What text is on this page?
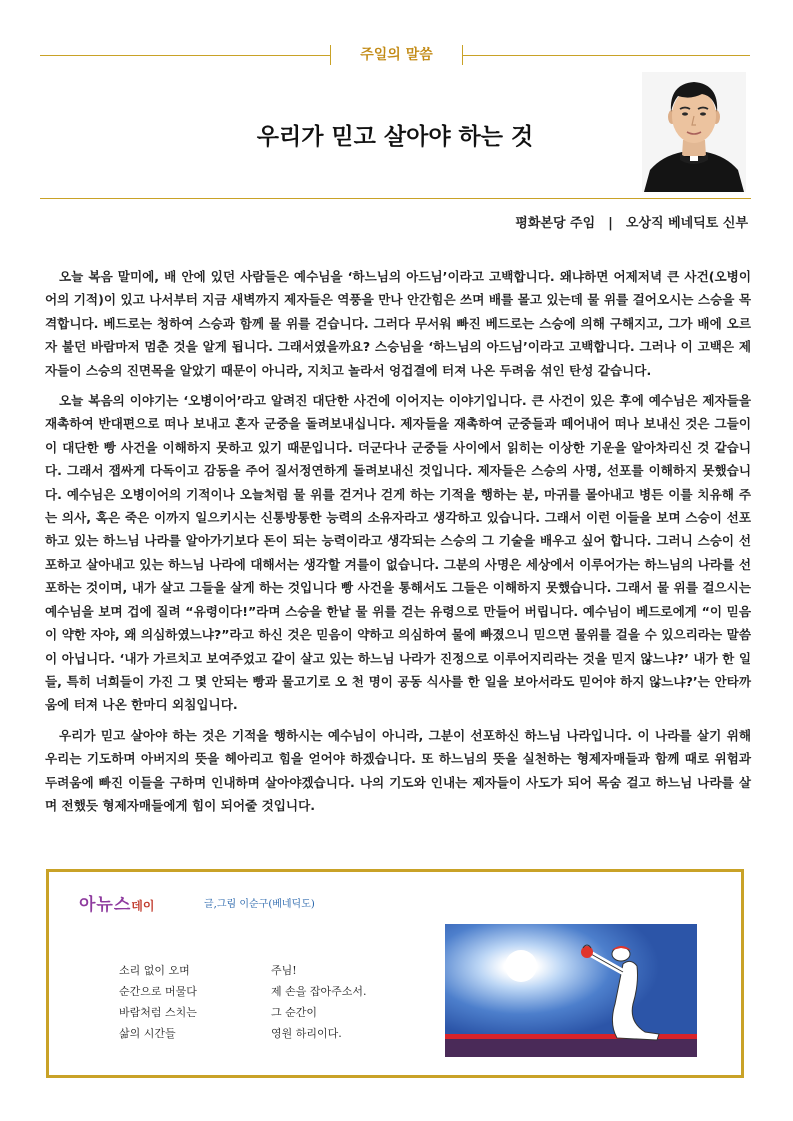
주일의 말씀
우리가 믿고 살아야 하는 것
평화본당 주임 | 오상직 베네딕토 신부

오늘 복음 말미에, 배 안에 있던 사람들은 예수님을 ‘하느님의 아드님’이라고 고백합니다. 왜냐하면 어제저녁 큰 사건(오병이어의 기적)이 있고 나서부터 지금 새벽까지 제자들은 역풍을 만나 안간힘은 쓰며 배를 몰고 있는데 물 위를 걸어오시는 스승을 목격합니다. 베드로는 청하여 스승과 함께 물 위를 걷습니다. 그러다 무서워 빠진 베드로는 스승에 의해 구해지고, 그가 배에 오르자 불던 바람마저 멈춘 것을 알게 됩니다. 그래서였을까요? 스승님을 ‘하느님의 아드님’이라고 고백합니다. 그러나 이 고백은 제자들이 스승의 진면목을 알았기 때문이 아니라, 지치고 놀라서 엉겁결에 터져 나온 두려움 섞인 탄성 같습니다.

오늘 복음의 이야기는 ‘오병이어’라고 알려진 대단한 사건에 이어지는 이야기입니다. 큰 사건이 있은 후에 예수님은 제자들을 재촉하여 반대편으로 떠나 보내고 혼자 군중을 돌려보내십니다. 제자들을 재촉하여 군중들과 떼어내어 떠나 보내신 것은 그들이 이 대단한 빵 사건을 이해하지 못하고 있기 때문입니다. 더군다나 군중들 사이에서 읽히는 이상한 기운을 알아차리신 것 같습니다. 그래서 잽싸게 다독이고 감동을 주어 질서정연하게 돌려보내신 것입니다. 제자들은 스승의 사명, 선포를 이해하지 못했습니다. 예수님은 오병이어의 기적이나 오늘처럼 물 위를 걷거나 걷게 하는 기적을 행하는 분, 마귀를 몰아내고 병든 이를 치유해 주는 의사, 혹은 죽은 이까지 일으키시는 신통방통한 능력의 소유자라고 생각하고 있습니다. 그래서 이런 이들을 보며 스승이 선포하고 있는 하느님 나라를 알아가기보다 돈이 되는 능력이라고 생각되는 스승의 그 기술을 배우고 싶어 합니다. 그러니 스승이 선포하고 살아내고 있는 하느님 나라에 대해서는 생각할 겨를이 없습니다. 그분의 사명은 세상에서 이루어가는 하느님의 나라를 선포하는 것이며, 내가 살고 그들을 살게 하는 것입니다 빵 사건을 통해서도 그들은 이해하지 못했습니다. 그래서 물 위를 걸으시는 예수님을 보며 겁에 질려 “유령이다!”라며 스승을 한낱 물 위를 걷는 유령으로 만들어 버립니다. 예수님이 베드로에게 “이 믿음이 약한 자야, 왜 의심하였느냐?”라고 하신 것은 믿음이 약하고 의심하여 물에 빠졌으니 믿으면 물위를 걸을 수 있으리라는 말씀이 아닙니다. ‘내가 가르치고 보여주었고 같이 살고 있는 하느님 나라가 진정으로 이루어지리라는 것을 믿지 않느냐?’ 내가 한 일들, 특히 너희들이 가진 그 몇 안되는 빵과 물고기로 오 천 명이 공동 식사를 한 일을 보아서라도 믿어야 하지 않느냐?’는 안타까움에 터져 나온 한마디 외침입니다.

우리가 믿고 살아야 하는 것은 기적을 행하시는 예수님이 아니라, 그분이 선포하신 하느님 나라입니다. 이 나라를 살기 위해 우리는 기도하며 아버지의 뜻을 헤아리고 힘을 얻어야 하겠습니다. 또 하느님의 뜻을 실천하는 형제자매들과 함께 때로 위험과 두려움에 빠진 이들을 구하며 인내하며 살아야겠습니다. 나의 기도와 인내는 제자들이 사도가 되어 목숨 걸고 하느님 나라를 살며 전했듯 형제자매들에게 힘이 되어줄 것입니다.

아뉴스데이	글,그림 이순구(베네딕도)
소리 없이 오며
순간으로 머물다
바람처럼 스치는
삶의 시간들
주님!
제 손을 잡아주소서.
그 순간이
영원 하리이다.
